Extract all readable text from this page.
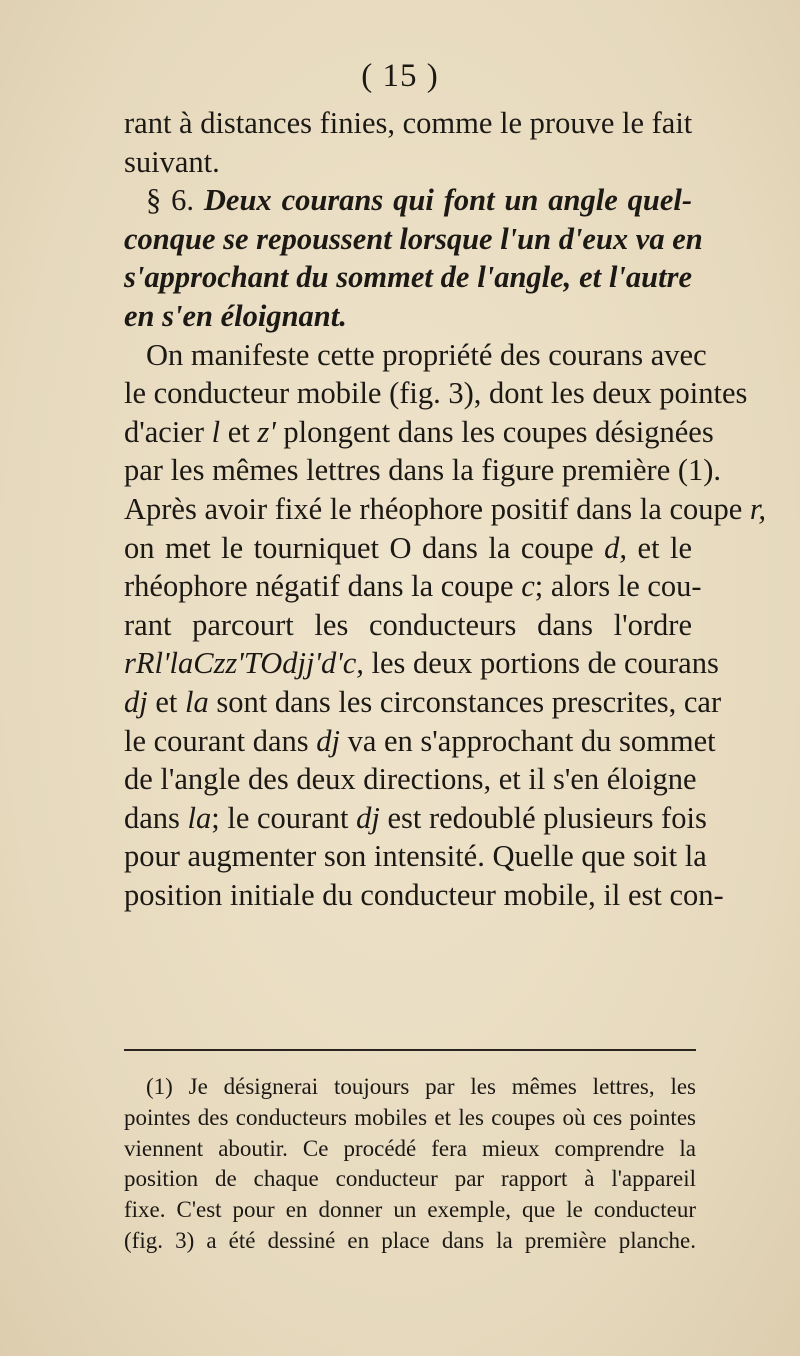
( 15 )
rant à distances finies, comme le prouve le fait
suivant.
§ 6. Deux courans qui font un angle quel-
conque se repoussent lorsque l'un d'eux va en
s'approchant du sommet de l'angle, et l'autre
en s'en éloignant.
On manifeste cette propriété des courans avec
le conducteur mobile (fig. 3), dont les deux pointes
d'acier l et z' plongent dans les coupes désignées
par les mêmes lettres dans la figure première (1).
Après avoir fixé le rhéophore positif dans la coupe r,
on met le tourniquet O dans la coupe d, et le
rhéophore négatif dans la coupe c; alors le cou-
rant parcourt les conducteurs dans l'ordre
rRl'laCzz'TOdjj'd'c, les deux portions de courans
dj et la sont dans les circonstances prescrites, car
le courant dans dj va en s'approchant du sommet
de l'angle des deux directions, et il s'en éloigne
dans la; le courant dj est redoublé plusieurs fois
pour augmenter son intensité. Quelle que soit la
position initiale du conducteur mobile, il est con-
(1) Je désignerai toujours par les mêmes lettres, les
pointes des conducteurs mobiles et les coupes où ces pointes
viennent aboutir. Ce procédé fera mieux comprendre la
position de chaque conducteur par rapport à l'appareil
fixe. C'est pour en donner un exemple, que le conducteur
(fig. 3) a été dessiné en place dans la première planche.
